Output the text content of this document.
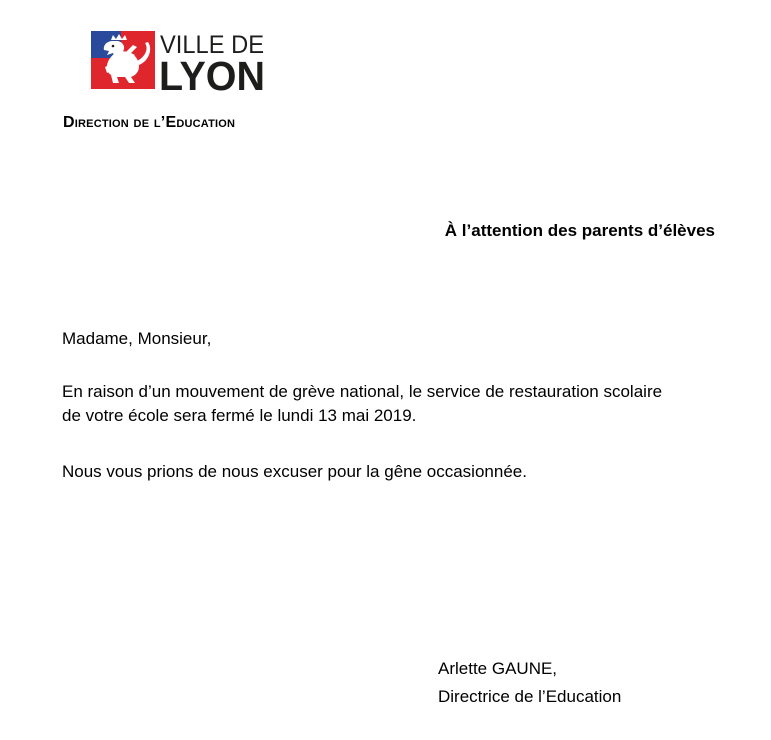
VILLE DE
LYON
Direction de l’Education
À l’attention des parents d’élèves
Madame, Monsieur,
En raison d’un mouvement de grève national, le service de restauration scolaire
de votre école sera fermé le lundi 13 mai 2019.
Nous vous prions de nous excuser pour la gêne occasionnée.
Arlette GAUNE,
Directrice de l’Education
